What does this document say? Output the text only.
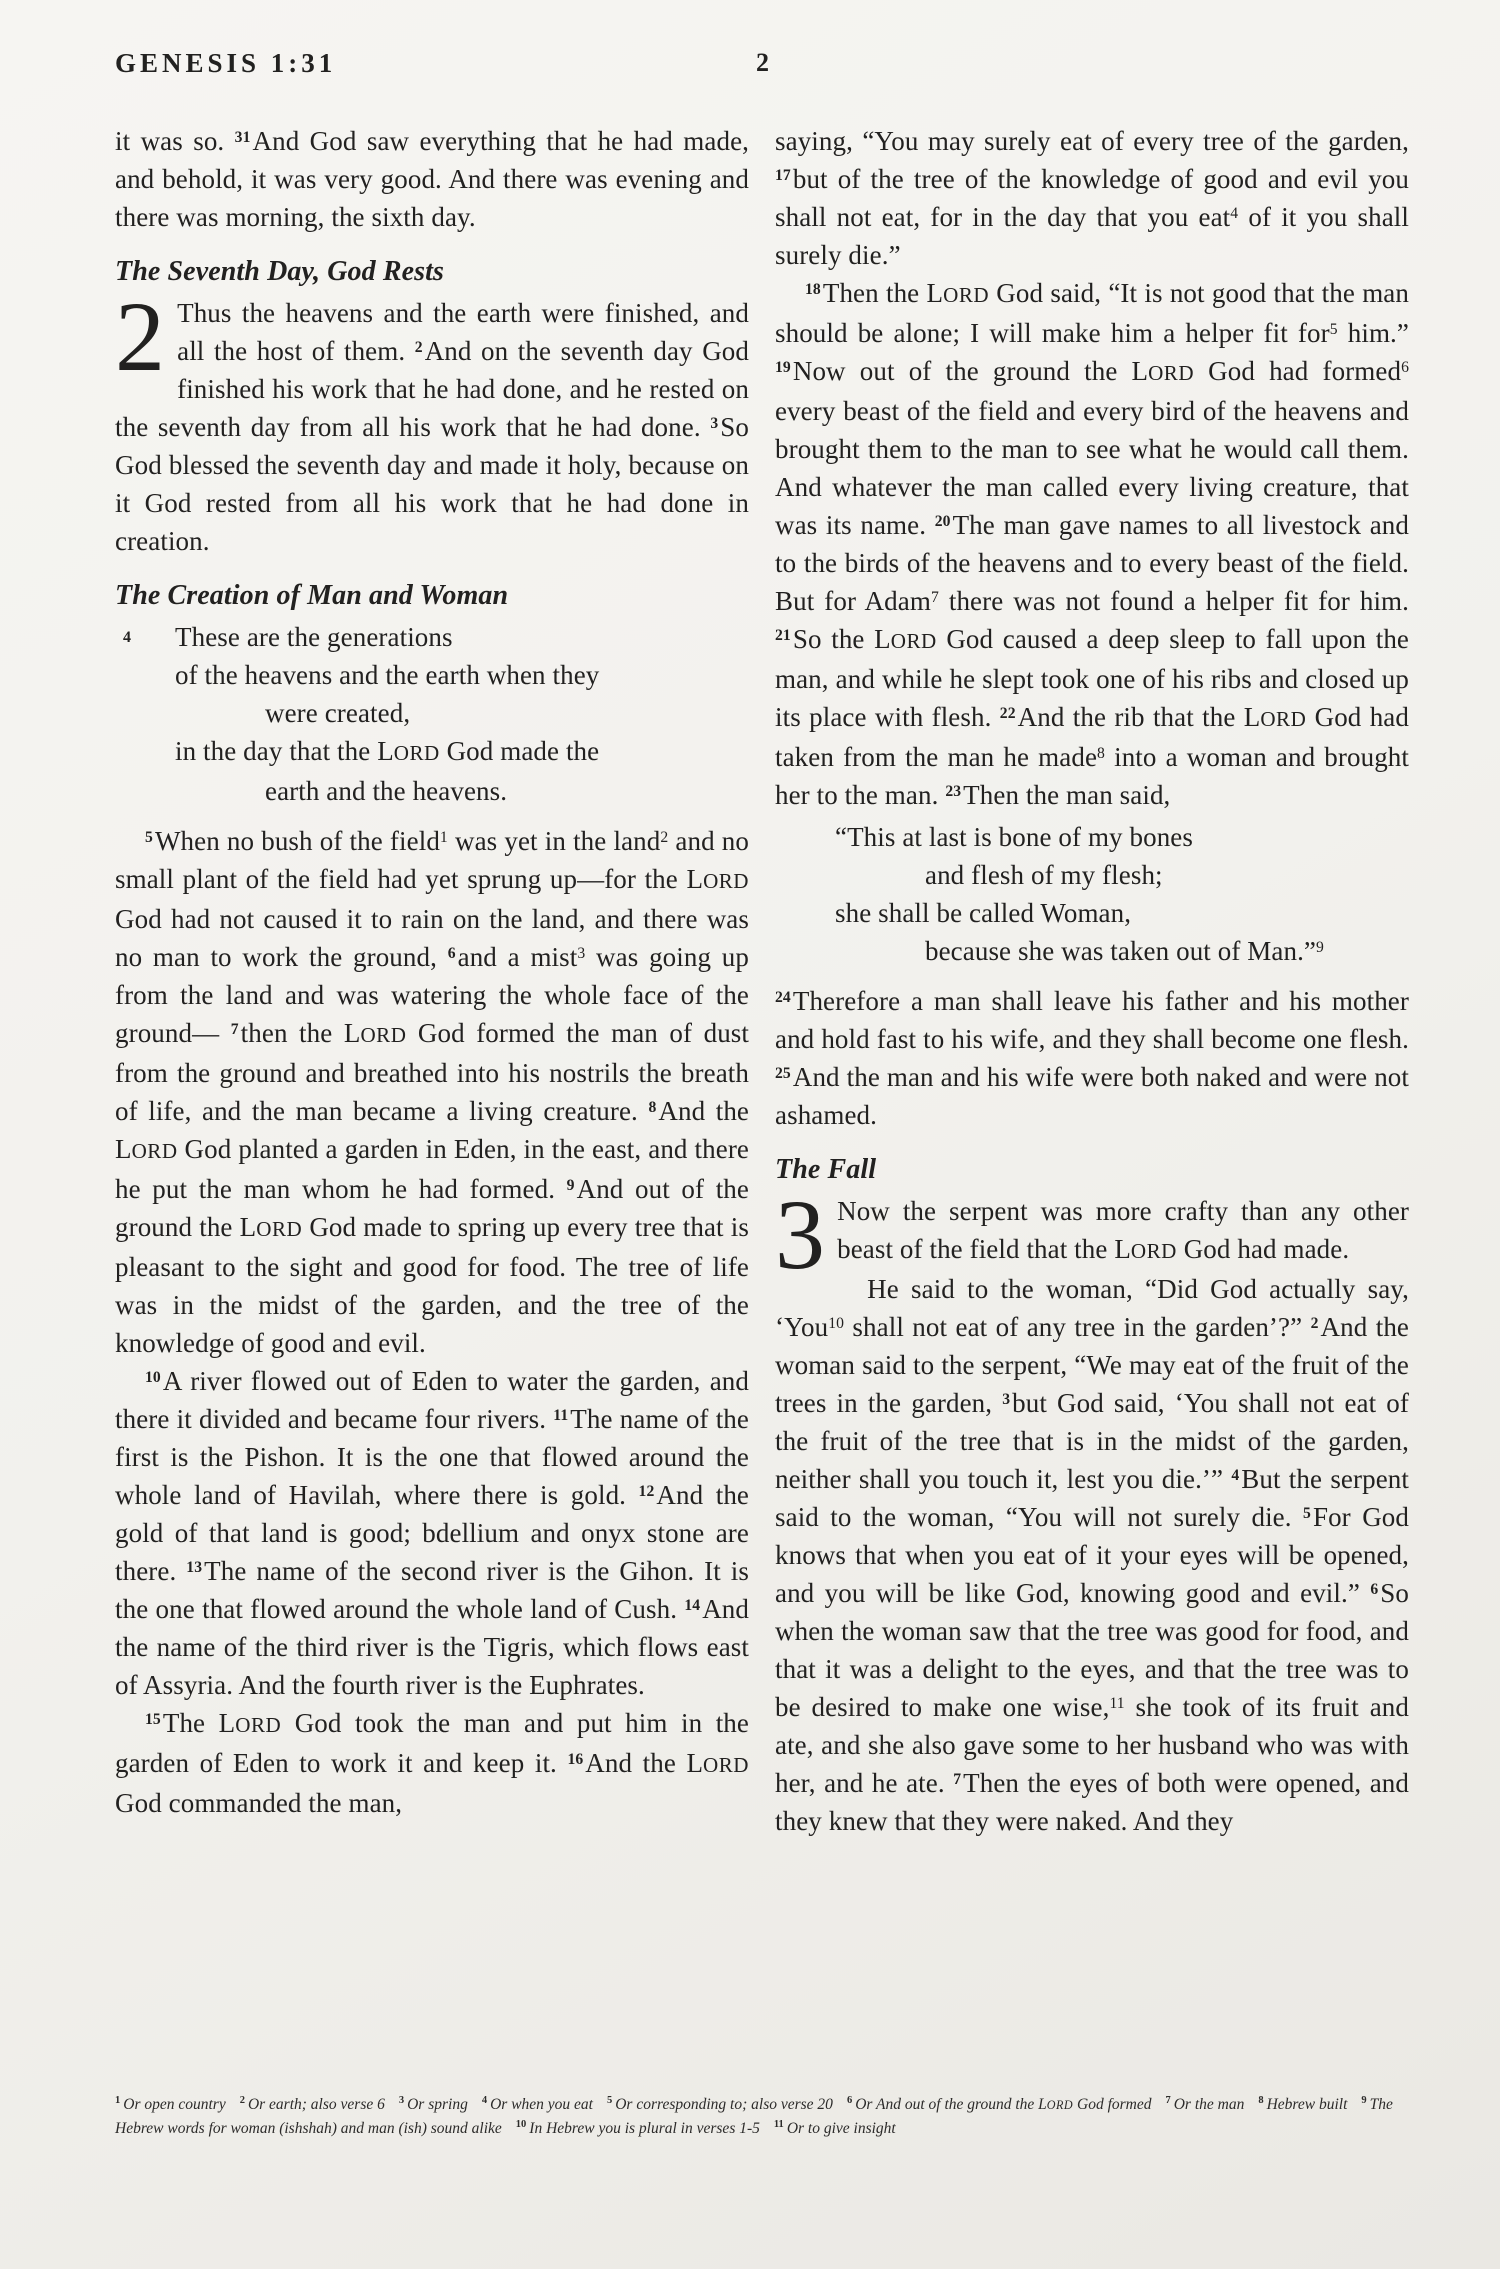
GENESIS 1:31	2

it was so. $^{31}$And God saw everything that he had made, and behold, it was very good. And there was evening and there was morning, the sixth day.

The Seventh Day, God Rests

2 Thus the heavens and the earth were finished, and all the host of them. $^2$And on the seventh day God finished his work that he had done, and he rested on the seventh day from all his work that he had done. $^3$So God blessed the seventh day and made it holy, because on it God rested from all his work that he had done in creation.

The Creation of Man and Woman
4 These are the generations
of the heavens and the earth when they
were created,
in the day that the LORD God made the
earth and the heavens.

$^5$When no bush of the field$^1$ was yet in the land$^2$ and no small plant of the field had yet sprung up—for the LORD God had not caused it to rain on the land, and there was no man to work the ground, $^6$and a mist$^3$ was going up from the land and was watering the whole face of the ground— $^7$then the LORD God formed the man of dust from the ground and breathed into his nostrils the breath of life, and the man became a living creature. $^8$And the LORD God planted a garden in Eden, in the east, and there he put the man whom he had formed. $^9$And out of the ground the LORD God made to spring up every tree that is pleasant to the sight and good for food. The tree of life was in the midst of the garden, and the tree of the knowledge of good and evil.

$^{10}$A river flowed out of Eden to water the garden, and there it divided and became four rivers. $^{11}$The name of the first is the Pishon. It is the one that flowed around the whole land of Havilah, where there is gold. $^{12}$And the gold of that land is good; bdellium and onyx stone are there. $^{13}$The name of the second river is the Gihon. It is the one that flowed around the whole land of Cush. $^{14}$And the name of the third river is the Tigris, which flows east of Assyria. And the fourth river is the Euphrates.

$^{15}$The LORD God took the man and put him in the garden of Eden to work it and keep it. $^{16}$And the LORD God commanded the man,

saying, “You may surely eat of every tree of the garden, $^{17}$but of the tree of the knowledge of good and evil you shall not eat, for in the day that you eat$^4$ of it you shall surely die.”

$^{18}$Then the LORD God said, “It is not good that the man should be alone; I will make him a helper fit for$^5$ him.” $^{19}$Now out of the ground the LORD God had formed$^6$ every beast of the field and every bird of the heavens and brought them to the man to see what he would call them. And whatever the man called every living creature, that was its name. $^{20}$The man gave names to all livestock and to the birds of the heavens and to every beast of the field. But for Adam$^7$ there was not found a helper fit for him. $^{21}$So the LORD God caused a deep sleep to fall upon the man, and while he slept took one of his ribs and closed up its place with flesh. $^{22}$And the rib that the LORD God had taken from the man he made$^8$ into a woman and brought her to the man. $^{23}$Then the man said,

“This at last is bone of my bones
and flesh of my flesh;
she shall be called Woman,
because she was taken out of Man.”$^9$

$^{24}$Therefore a man shall leave his father and his mother and hold fast to his wife, and they shall become one flesh. $^{25}$And the man and his wife were both naked and were not ashamed.

The Fall

3 Now the serpent was more crafty than any other beast of the field that the LORD God had made.

He said to the woman, “Did God actually say, ‘You$^{10}$ shall not eat of any tree in the garden’?” $^2$And the woman said to the serpent, “We may eat of the fruit of the trees in the garden, $^3$but God said, ‘You shall not eat of the fruit of the tree that is in the midst of the garden, neither shall you touch it, lest you die.’” $^4$But the serpent said to the woman, “You will not surely die. $^5$For God knows that when you eat of it your eyes will be opened, and you will be like God, knowing good and evil.” $^6$So when the woman saw that the tree was good for food, and that it was a delight to the eyes, and that the tree was to be desired to make one wise,$^{11}$ she took of its fruit and ate, and she also gave some to her husband who was with her, and he ate. $^7$Then the eyes of both were opened, and they knew that they were naked. And they

$^1$ Or open country $^2$ Or earth; also verse 6 $^3$ Or spring $^4$ Or when you eat $^5$ Or corresponding to; also verse 20 $^6$ Or And out of the ground the LORD God formed $^7$ Or the man $^8$ Hebrew built $^9$ The Hebrew words for woman (ishshah) and man (ish) sound alike $^{10}$ In Hebrew you is plural in verses 1-5 $^{11}$ Or to give insight
